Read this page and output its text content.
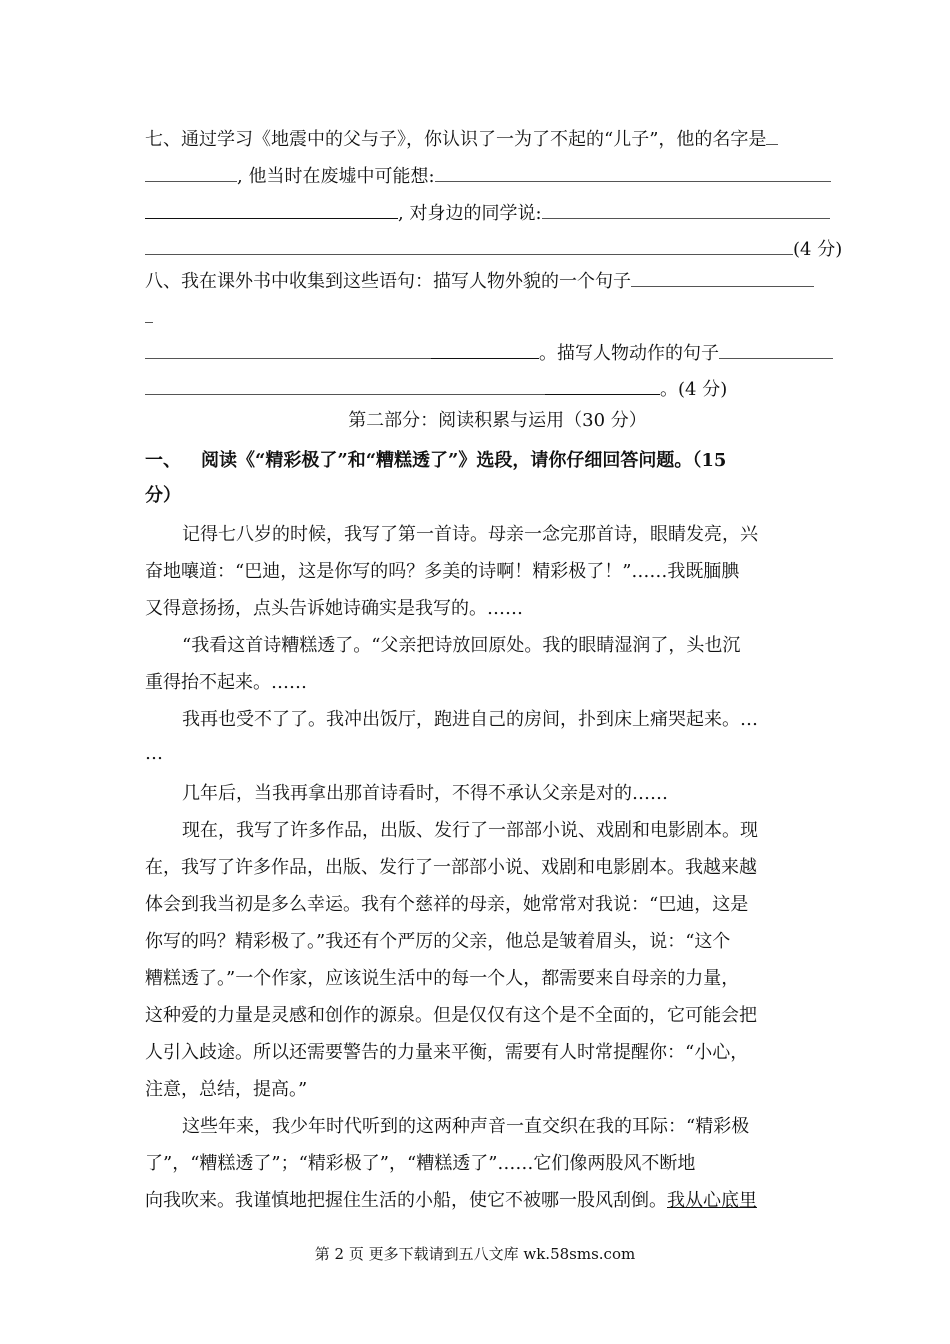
七、通过学习《地震中的父与子》，你认识了一为了不起的“儿子”，他的名字是
, 他当时在废墟中可能想:
, 对身边的同学说:
(4 分)
八、我在课外书中收集到这些语句：描写人物外貌的一个句子
。描写人物动作的句子
。(4 分)
第二部分：阅读积累与运用（30 分）
一、 阅读《“精彩极了”和“糟糕透了”》选段，请你仔细回答问题。（15
分）
记得七八岁的时候，我写了第一首诗。母亲一念完那首诗，眼睛发亮，兴
奋地嚷道：“巴迪，这是你写的吗？多美的诗啊！精彩极了！”……我既腼腆
又得意扬扬，点头告诉她诗确实是我写的。……
“我看这首诗糟糕透了。“父亲把诗放回原处。我的眼睛湿润了，头也沉
重得抬不起来。……
我再也受不了了。我冲出饭厅，跑进自己的房间，扑到床上痛哭起来。…
…
几年后，当我再拿出那首诗看时，不得不承认父亲是对的……
现在，我写了许多作品，出版、发行了一部部小说、戏剧和电影剧本。现
在，我写了许多作品，出版、发行了一部部小说、戏剧和电影剧本。我越来越
体会到我当初是多么幸运。我有个慈祥的母亲，她常常对我说：“巴迪，这是
你写的吗？精彩极了。”我还有个严厉的父亲，他总是皱着眉头，说：“这个
糟糕透了。”一个作家，应该说生活中的每一个人，都需要来自母亲的力量，
这种爱的力量是灵感和创作的源泉。但是仅仅有这个是不全面的，它可能会把
人引入歧途。所以还需要警告的力量来平衡，需要有人时常提醒你：“小心，
注意，总结，提高。”
这些年来，我少年时代听到的这两种声音一直交织在我的耳际：“精彩极
了”，“糟糕透了”；“精彩极了”，“糟糕透了”……它们像两股风不断地
向我吹来。我谨慎地把握住生活的小船，使它不被哪一股风刮倒。我从心底里
第 2 页 更多下载请到五八文库 wk.58sms.com
